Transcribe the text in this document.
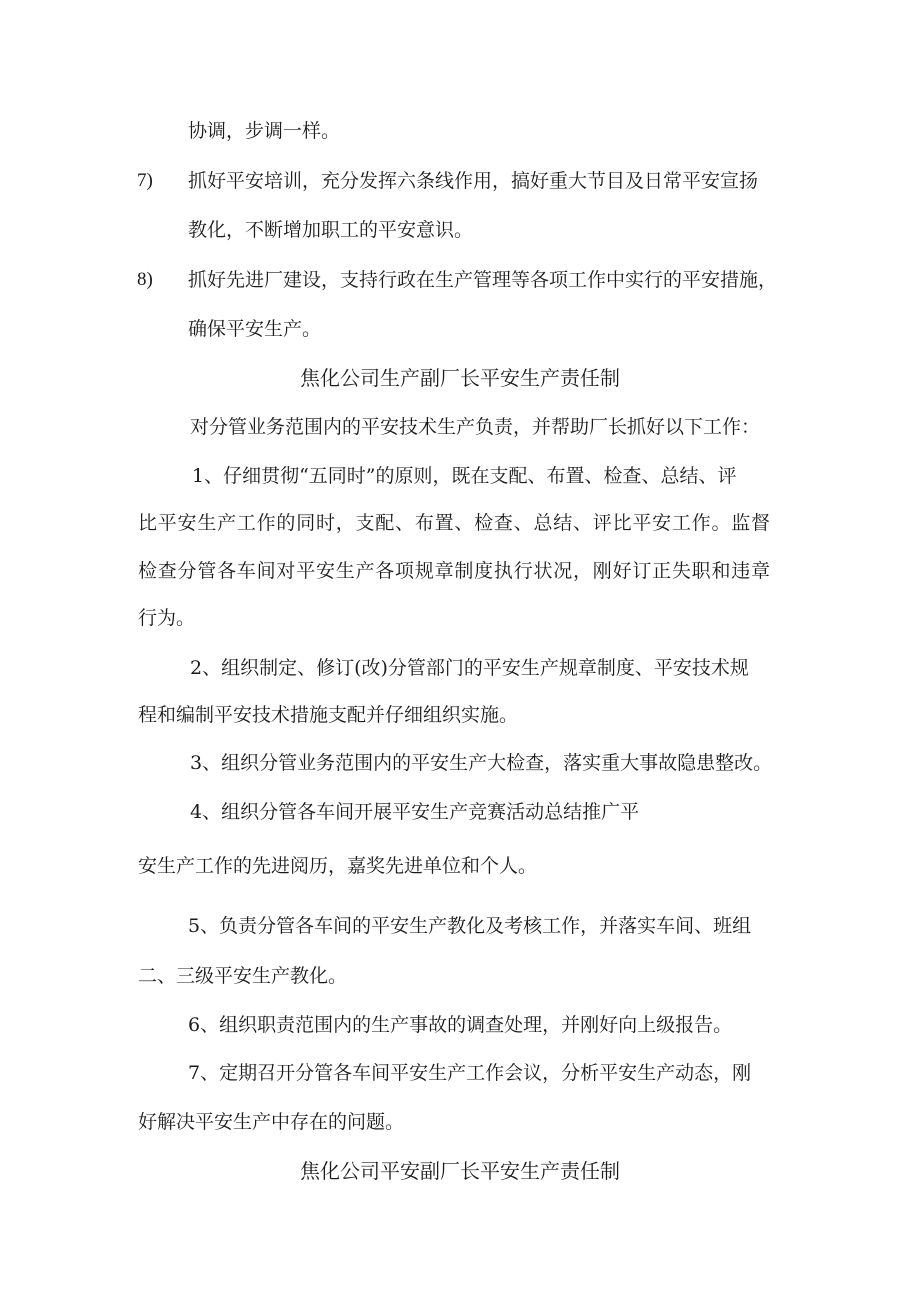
协调，步调一样。
7) 抓好平安培训，充分发挥六条线作用，搞好重大节目及日常平安宣扬
教化，不断增加职工的平安意识。
8) 抓好先进厂建设，支持行政在生产管理等各项工作中实行的平安措施，
确保平安生产。
焦化公司生产副厂长平安生产责任制
对分管业务范围内的平安技术生产负责，并帮助厂长抓好以下工作：
1、仔细贯彻“五同时”的原则，既在支配、布置、检查、总结、评
比平安生产工作的同时，支配、布置、检查、总结、评比平安工作。监督
检查分管各车间对平安生产各项规章制度执行状况，刚好订正失职和违章
行为。
2、组织制定、修订(改)分管部门的平安生产规章制度、平安技术规
程和编制平安技术措施支配并仔细组织实施。
3、组织分管业务范围内的平安生产大检查，落实重大事故隐患整改。
4、组织分管各车间开展平安生产竞赛活动总结推广平
安生产工作的先进阅历，嘉奖先进单位和个人。
5、负责分管各车间的平安生产教化及考核工作，并落实车间、班组
二、三级平安生产教化。
6、组织职责范围内的生产事故的调查处理，并刚好向上级报告。
7、定期召开分管各车间平安生产工作会议，分析平安生产动态，刚
好解决平安生产中存在的问题。
焦化公司平安副厂长平安生产责任制
